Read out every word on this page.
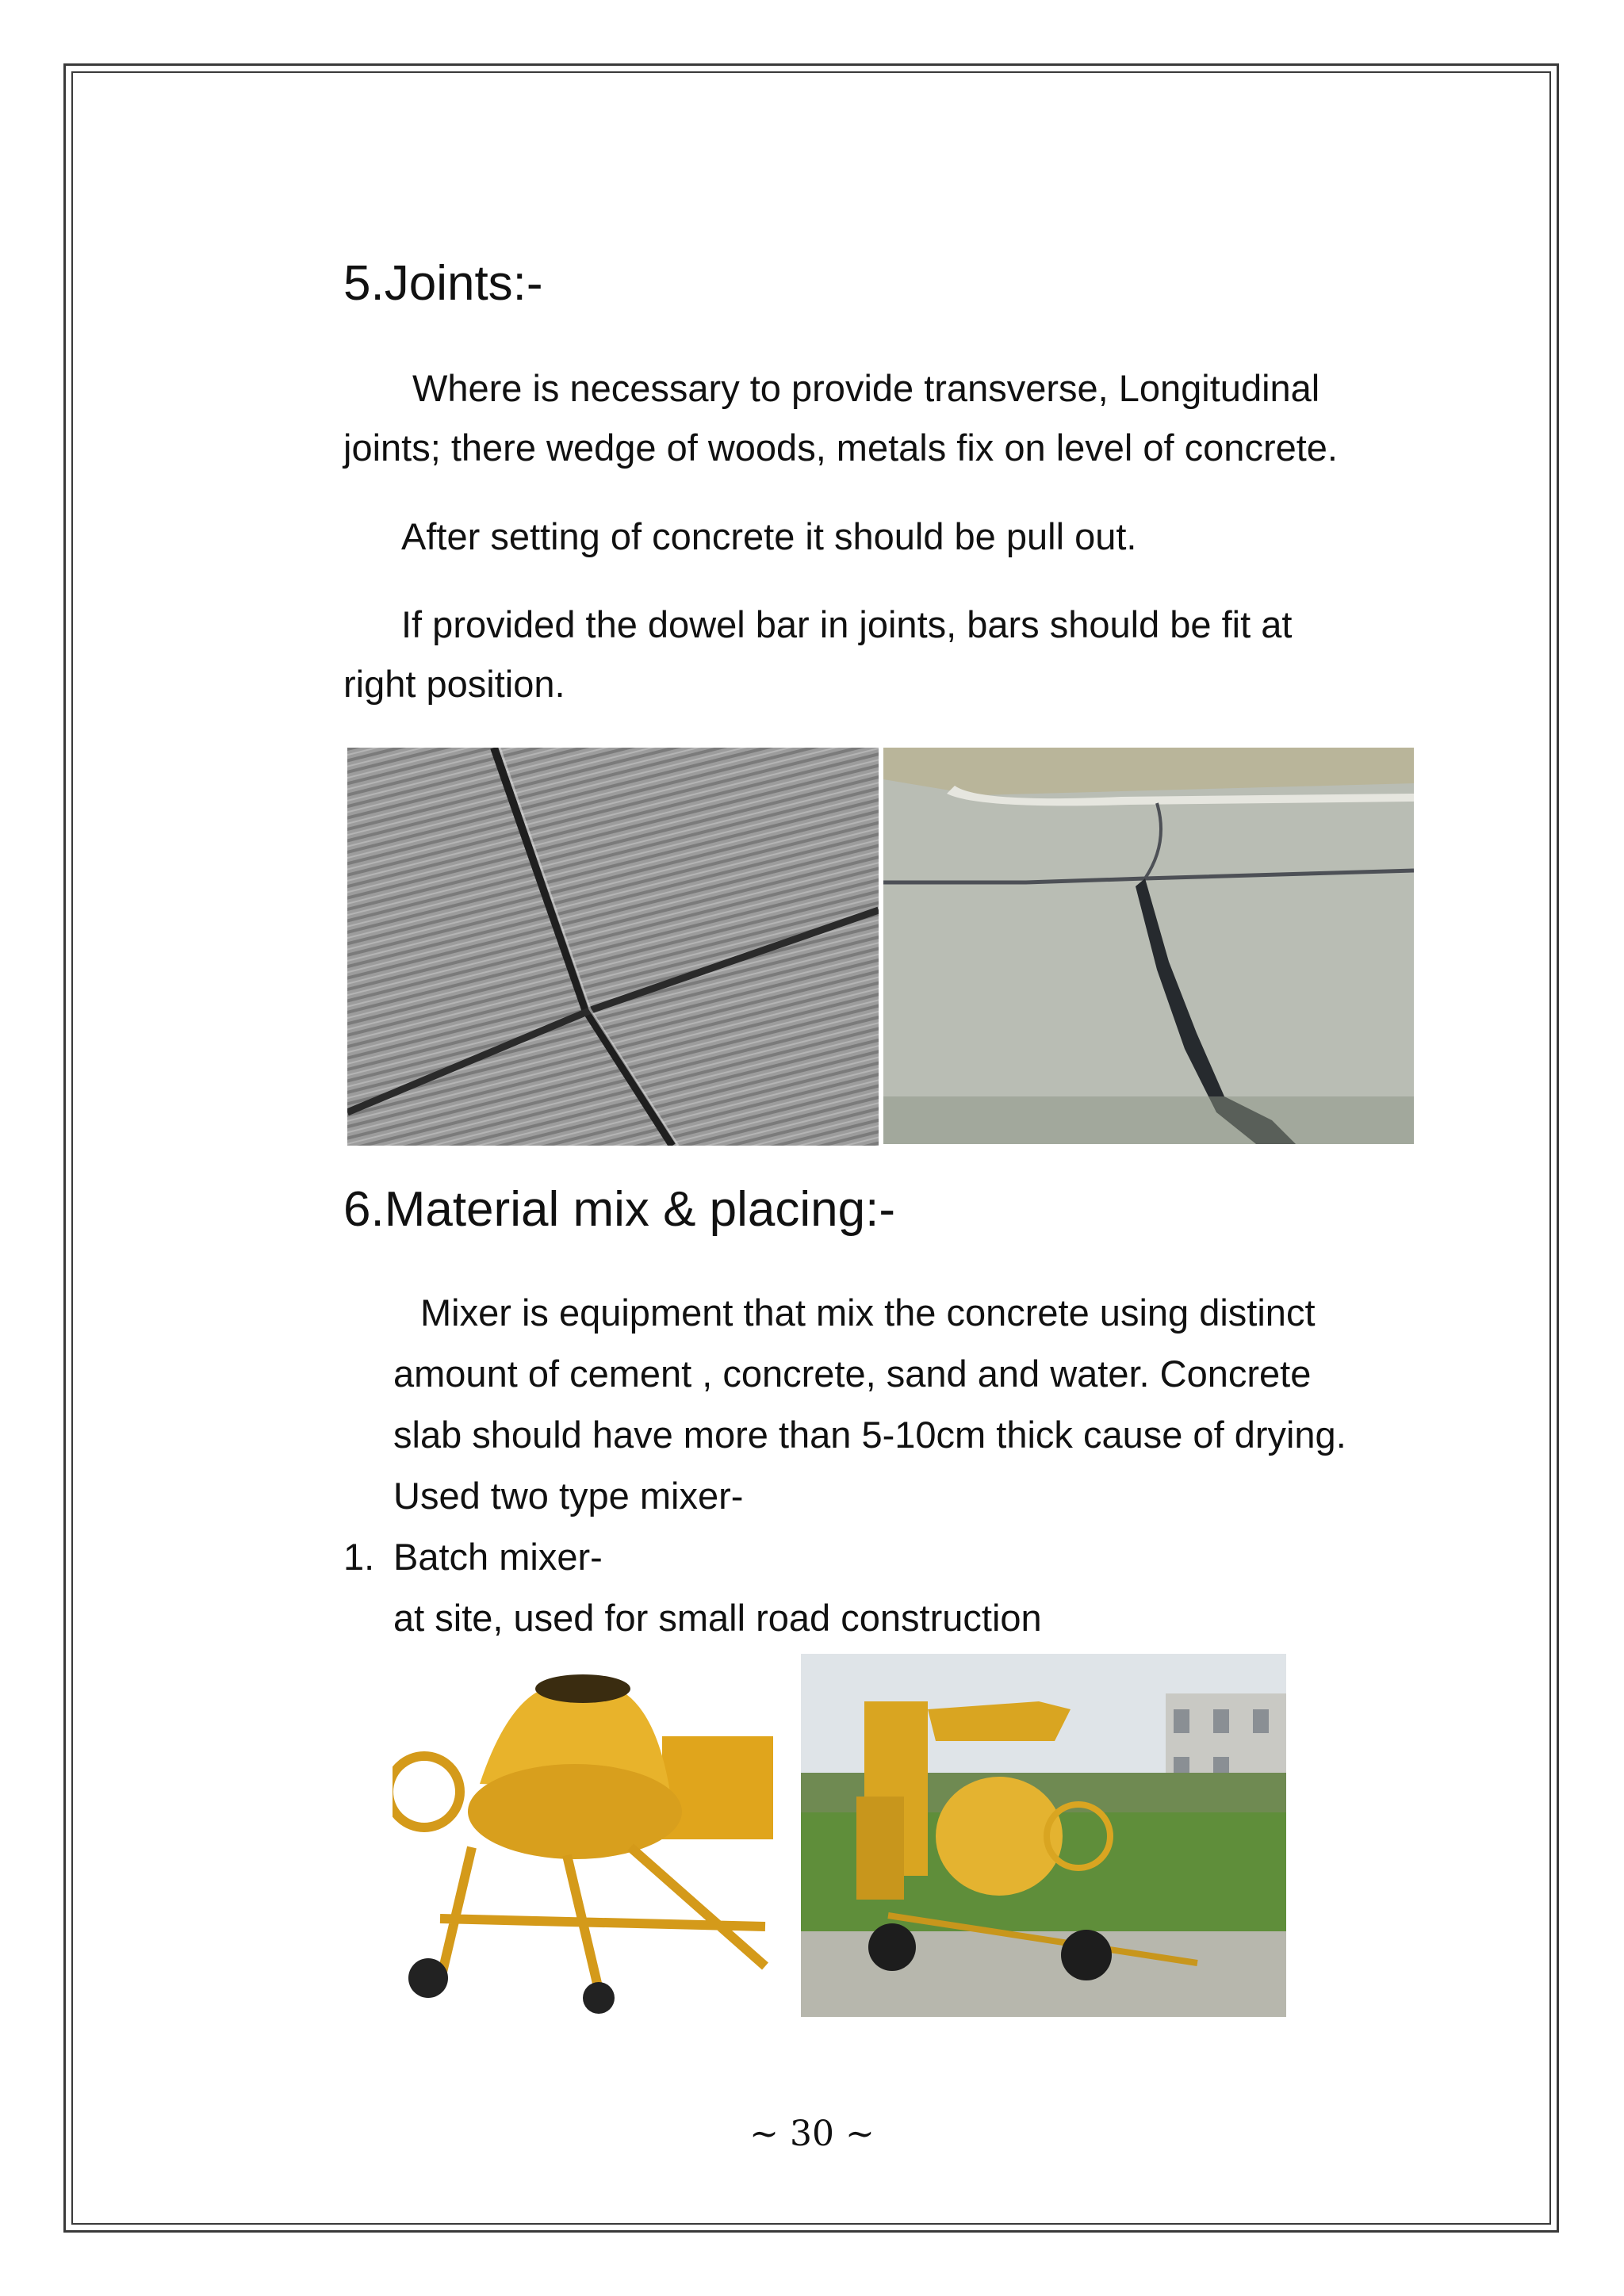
5.Joints:-

Where is necessary to provide transverse, Longitudinal

joints; there wedge of woods, metals fix on level of concrete.

After setting of concrete it should be pull out.

If provided the dowel bar in joints, bars should be fit at

right position.

6.Material mix & placing:-

Mixer is equipment that mix the concrete using distinct

amount of cement , concrete, sand and water. Concrete

slab should have more than 5-10cm thick cause of drying.

Used two type mixer-

1. Batch mixer-

at site, used for small road construction

~ 30 ~
